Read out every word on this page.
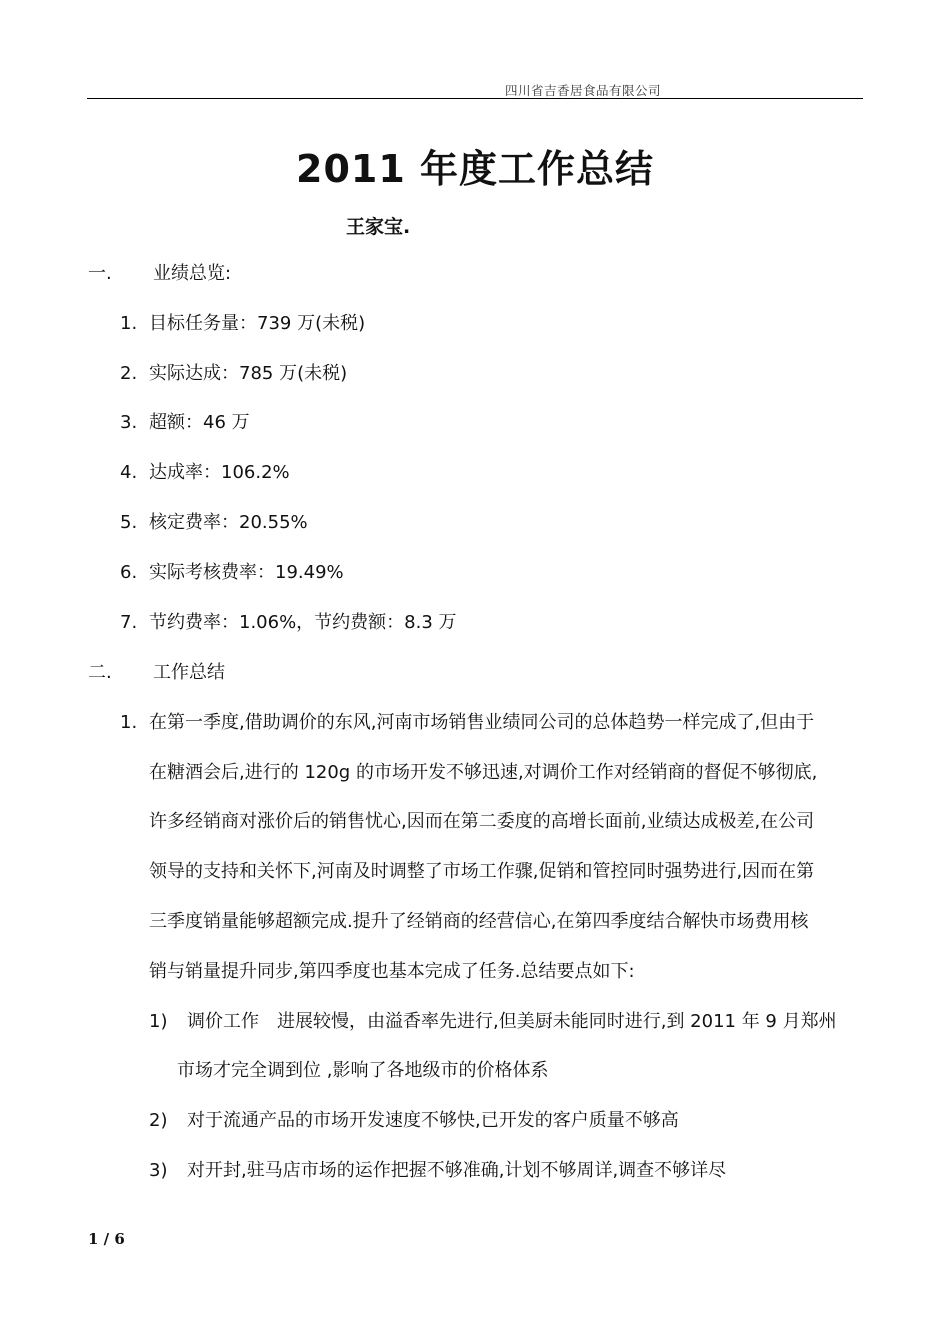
四川省吉香居食品有限公司
2011 年度工作总结
王家宝.
一. 业绩总览:
1. 目标任务量：739 万(未税)
2. 实际达成：785 万(未税)
3. 超额：46 万
4. 达成率：106.2%
5. 核定费率：20.55%
6. 实际考核费率：19.49%
7. 节约费率：1.06%，节约费额：8.3 万
二. 工作总结
1. 在第一季度,借助调价的东风,河南市场销售业绩同公司的总体趋势一样完成了,但由于
在糖酒会后,进行的 120g 的市场开发不够迅速,对调价工作对经销商的督促不够彻底,
许多经销商对涨价后的销售忧心,因而在第二委度的高增长面前,业绩达成极差,在公司
领导的支持和关怀下,河南及时调整了市场工作骤,促销和管控同时强势进行,因而在第
三季度销量能够超额完成.提升了经销商的经营信心,在第四季度结合解快市场费用核
销与销量提升同步,第四季度也基本完成了任务.总结要点如下:
1) 调价工作　进展较慢，由溢香率先进行,但美厨未能同时进行,到 2011 年 9 月郑州
市场才完全调到位 ,影响了各地级市的价格体系
2) 对于流通产品的市场开发速度不够快,已开发的客户质量不够高
3) 对开封,驻马店市场的运作把握不够准确,计划不够周详,调查不够详尽
1 / 6
